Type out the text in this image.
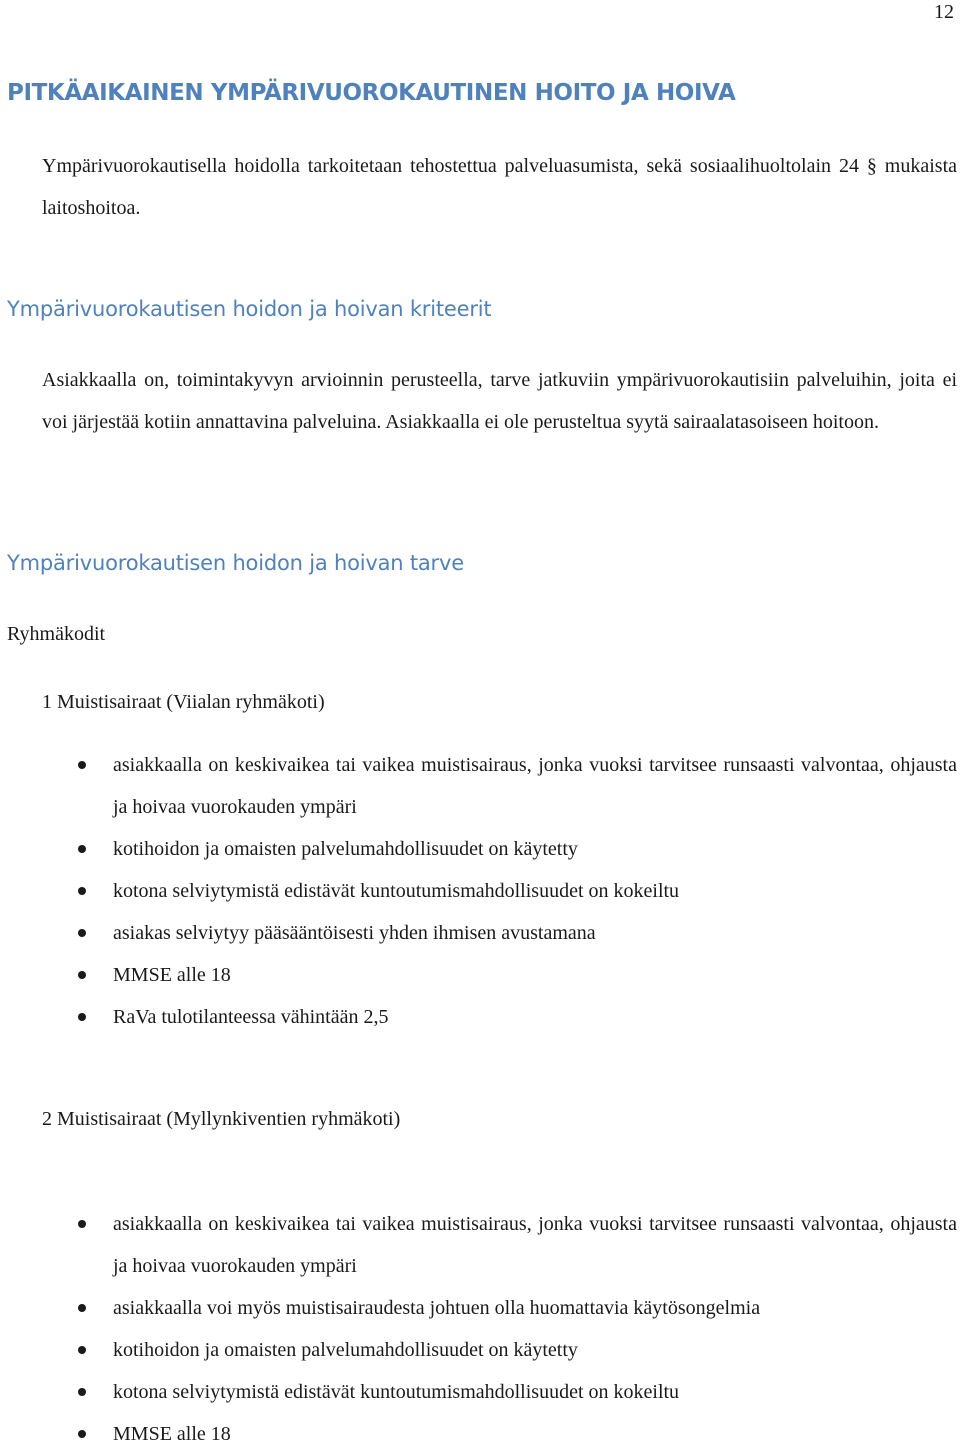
12
PITKÄAIKAINEN YMPÄRIVUOROKAUTINEN HOITO JA HOIVA

Ympärivuorokautisella hoidolla tarkoitetaan tehostettua palveluasumista, sekä sosiaalihuoltolain 24 § mukaista laitoshoitoa.

Ympärivuorokautisen hoidon ja hoivan kriteerit

Asiakkaalla on, toimintakyvyn arvioinnin perusteella, tarve jatkuviin ympärivuorokautisiin palveluihin, joita ei voi järjestää kotiin annattavina palveluina. Asiakkaalla ei ole perusteltua syytä sairaalatasoiseen hoitoon.

Ympärivuorokautisen hoidon ja hoivan tarve

Ryhmäkodit

1 Muistisairaat (Viialan ryhmäkoti)

asiakkaalla on keskivaikea tai vaikea muistisairaus, jonka vuoksi tarvitsee runsaasti valvontaa, ohjausta ja hoivaa vuorokauden ympäri
kotihoidon ja omaisten palvelumahdollisuudet on käytetty
kotona selviytymistä edistävät kuntoutumismahdollisuudet on kokeiltu
asiakas selviytyy pääsääntöisesti yhden ihmisen avustamana
MMSE alle 18
RaVa tulotilanteessa vähintään 2,5

2 Muistisairaat (Myllynkiventien ryhmäkoti)

asiakkaalla on keskivaikea tai vaikea muistisairaus, jonka vuoksi tarvitsee runsaasti valvontaa, ohjausta ja hoivaa vuorokauden ympäri
asiakkaalla voi myös muistisairaudesta johtuen olla huomattavia käytösongelmia
kotihoidon ja omaisten palvelumahdollisuudet on käytetty
kotona selviytymistä edistävät kuntoutumismahdollisuudet on kokeiltu
MMSE alle 18
